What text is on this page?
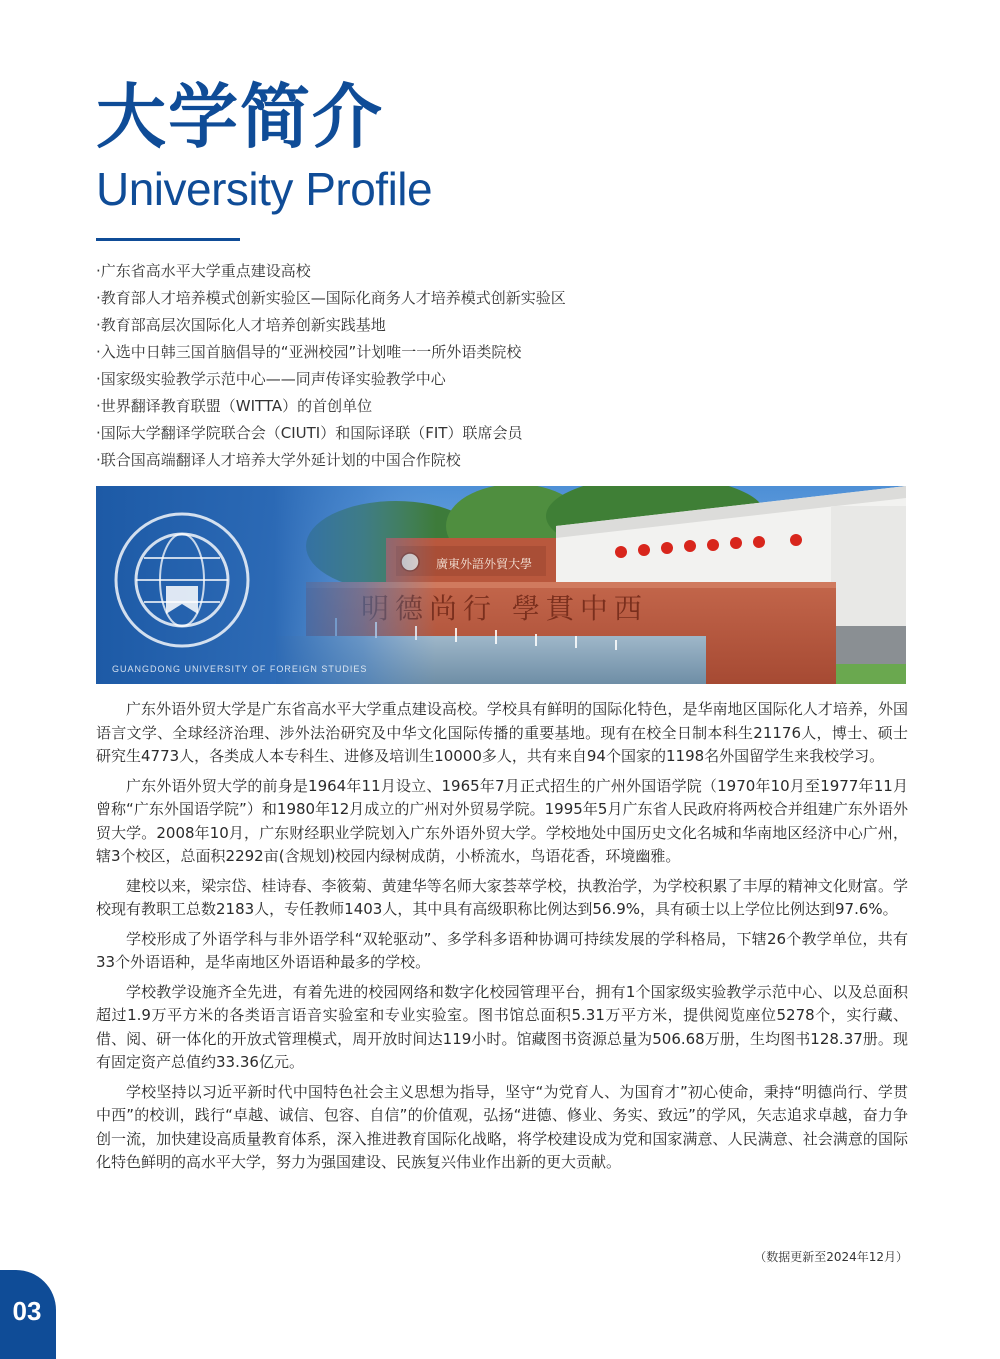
大学简介
University Profile
·广东省高水平大学重点建设高校
·教育部人才培养模式创新实验区—国际化商务人才培养模式创新实验区
·教育部高层次国际化人才培养创新实践基地
·入选中日韩三国首脑倡导的“亚洲校园”计划唯一一所外语类院校
·国家级实验教学示范中心——同声传译实验教学中心
·世界翻译教育联盟（WITTA）的首创单位
·国际大学翻译学院联合会（CIUTI）和国际译联（FIT）联席会员
·联合国高端翻译人才培养大学外延计划的中国合作院校
GUANGDONG UNIVERSITY OF FOREIGN STUDIES

广东外语外贸大学是广东省高水平大学重点建设高校。学校具有鲜明的国际化特色，是华南地区国际化人才培养，外国语言文学、全球经济治理、涉外法治研究及中华文化国际传播的重要基地。现有在校全日制本科生21176人，博士、硕士研究生4773人，各类成人本专科生、进修及培训生10000多人，共有来自94个国家的1198名外国留学生来我校学习。

广东外语外贸大学的前身是1964年11月设立、1965年7月正式招生的广州外国语学院（1970年10月至1977年11月曾称“广东外国语学院”）和1980年12月成立的广州对外贸易学院。1995年5月广东省人民政府将两校合并组建广东外语外贸大学。2008年10月，广东财经职业学院划入广东外语外贸大学。学校地处中国历史文化名城和华南地区经济中心广州，辖3个校区，总面积2292亩(含规划)校园内绿树成荫，小桥流水，鸟语花香，环境幽雅。

建校以来，梁宗岱、桂诗春、李筱菊、黄建华等名师大家荟萃学校，执教治学，为学校积累了丰厚的精神文化财富。学校现有教职工总数2183人，专任教师1403人，其中具有高级职称比例达到56.9%，具有硕士以上学位比例达到97.6%。

学校形成了外语学科与非外语学科“双轮驱动”、多学科多语种协调可持续发展的学科格局，下辖26个教学单位，共有33个外语语种，是华南地区外语语种最多的学校。

学校教学设施齐全先进，有着先进的校园网络和数字化校园管理平台，拥有1个国家级实验教学示范中心、以及总面积超过1.9万平方米的各类语言语音实验室和专业实验室。图书馆总面积5.31万平方米，提供阅览座位5278个，实行藏、借、阅、研一体化的开放式管理模式，周开放时间达119小时。馆藏图书资源总量为506.68万册，生均图书128.37册。现有固定资产总值约33.36亿元。

学校坚持以习近平新时代中国特色社会主义思想为指导，坚守“为党育人、为国育才”初心使命，秉持“明德尚行、学贯中西”的校训，践行“卓越、诚信、包容、自信”的价值观，弘扬“进德、修业、务实、致远”的学风，矢志追求卓越，奋力争创一流，加快建设高质量教育体系，深入推进教育国际化战略，将学校建设成为党和国家满意、人民满意、社会满意的国际化特色鲜明的高水平大学，努力为强国建设、民族复兴伟业作出新的更大贡献。

（数据更新至2024年12月）
03
